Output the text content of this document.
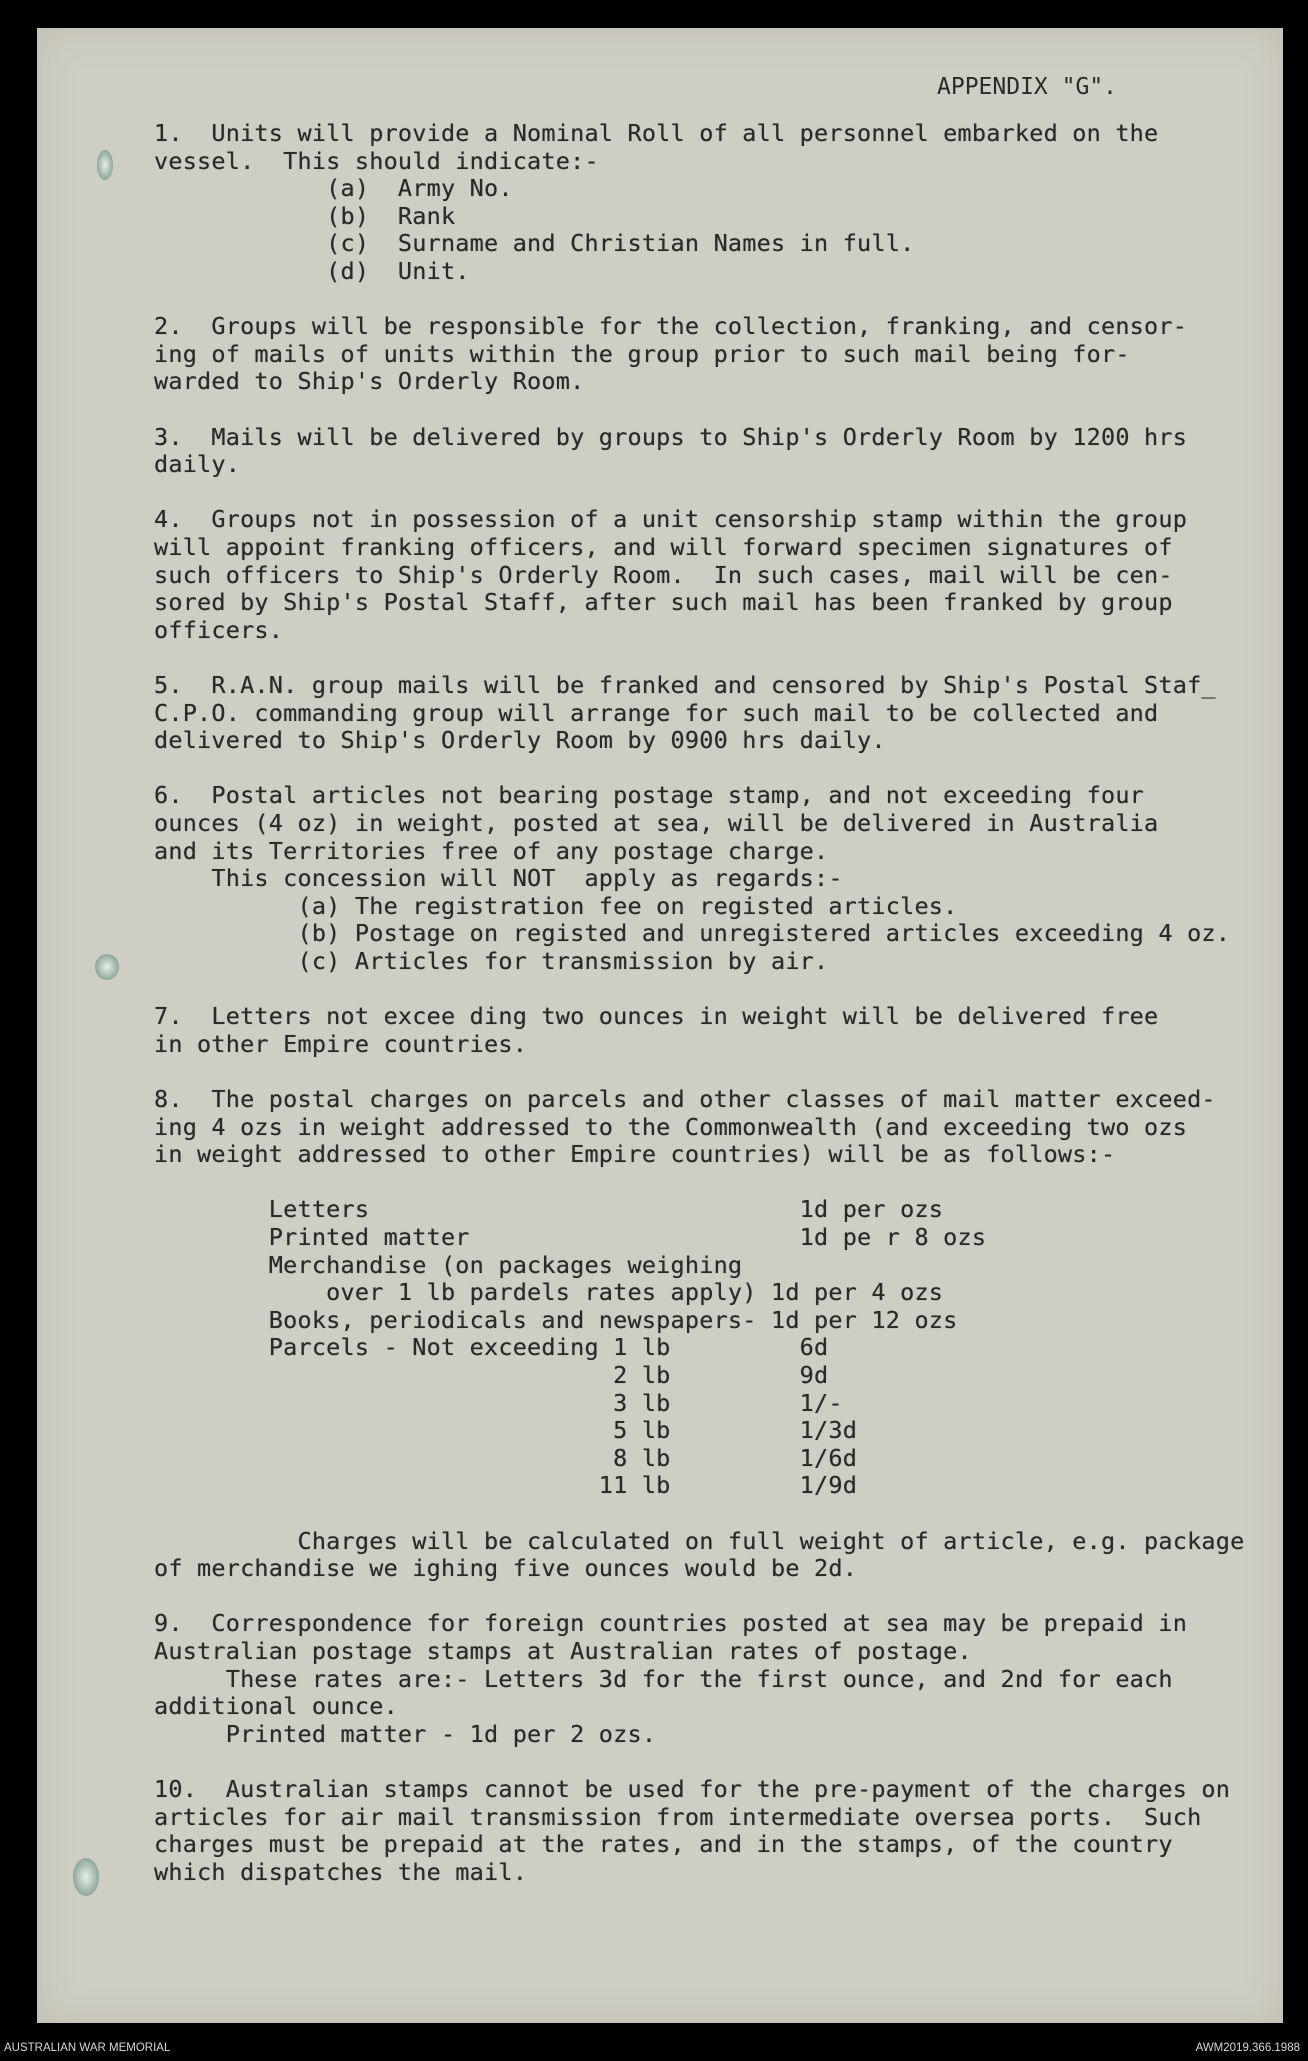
APPENDIX "G".
1.  Units will provide a Nominal Roll of all personnel embarked on the
vessel.  This should indicate:-
(a)  Army No.
(b)  Rank
(c)  Surname and Christian Names in full.
(d)  Unit.
2.  Groups will be responsible for the collection, franking, and censor-
ing of mails of units within the group prior to such mail being for-
warded to Ship's Orderly Room.
3.  Mails will be delivered by groups to Ship's Orderly Room by 1200 hrs
daily.
4.  Groups not in possession of a unit censorship stamp within the group
will appoint franking officers, and will forward specimen signatures of
such officers to Ship's Orderly Room.  In such cases, mail will be cen-
sored by Ship's Postal Staff, after such mail has been franked by group
officers.
5.  R.A.N. group mails will be franked and censored by Ship's Postal Staf_
C.P.O. commanding group will arrange for such mail to be collected and
delivered to Ship's Orderly Room by 0900 hrs daily.
6.  Postal articles not bearing postage stamp, and not exceeding four
ounces (4 oz) in weight, posted at sea, will be delivered in Australia
and its Territories free of any postage charge.
This concession will NOT  apply as regards:-
(a) The registration fee on registed articles.
(b) Postage on registed and unregistered articles exceeding 4 oz.
(c) Articles for transmission by air.
7.  Letters not excee ding two ounces in weight will be delivered free
in other Empire countries.
8.  The postal charges on parcels and other classes of mail matter exceed-
ing 4 ozs in weight addressed to the Commonwealth (and exceeding two ozs
in weight addressed to other Empire countries) will be as follows:-
Letters                              1d per ozs
Printed matter                       1d pe r 8 ozs
Merchandise (on packages weighing
over 1 lb pardels rates apply) 1d per 4 ozs
Books, periodicals and newspapers- 1d per 12 ozs
Parcels - Not exceeding 1 lb         6d
2 lb         9d
3 lb         1/-
5 lb         1/3d
8 lb         1/6d
11 lb         1/9d
Charges will be calculated on full weight of article, e.g. package
of merchandise we ighing five ounces would be 2d.
9.  Correspondence for foreign countries posted at sea may be prepaid in
Australian postage stamps at Australian rates of postage.
These rates are:- Letters 3d for the first ounce, and 2nd for each
additional ounce.
Printed matter - 1d per 2 ozs.
10.  Australian stamps cannot be used for the pre-payment of the charges on
articles for air mail transmission from intermediate oversea ports.  Such
charges must be prepaid at the rates, and in the stamps, of the country
which dispatches the mail.
AUSTRALIAN WAR MEMORIAL	AWM2019.366.1988
